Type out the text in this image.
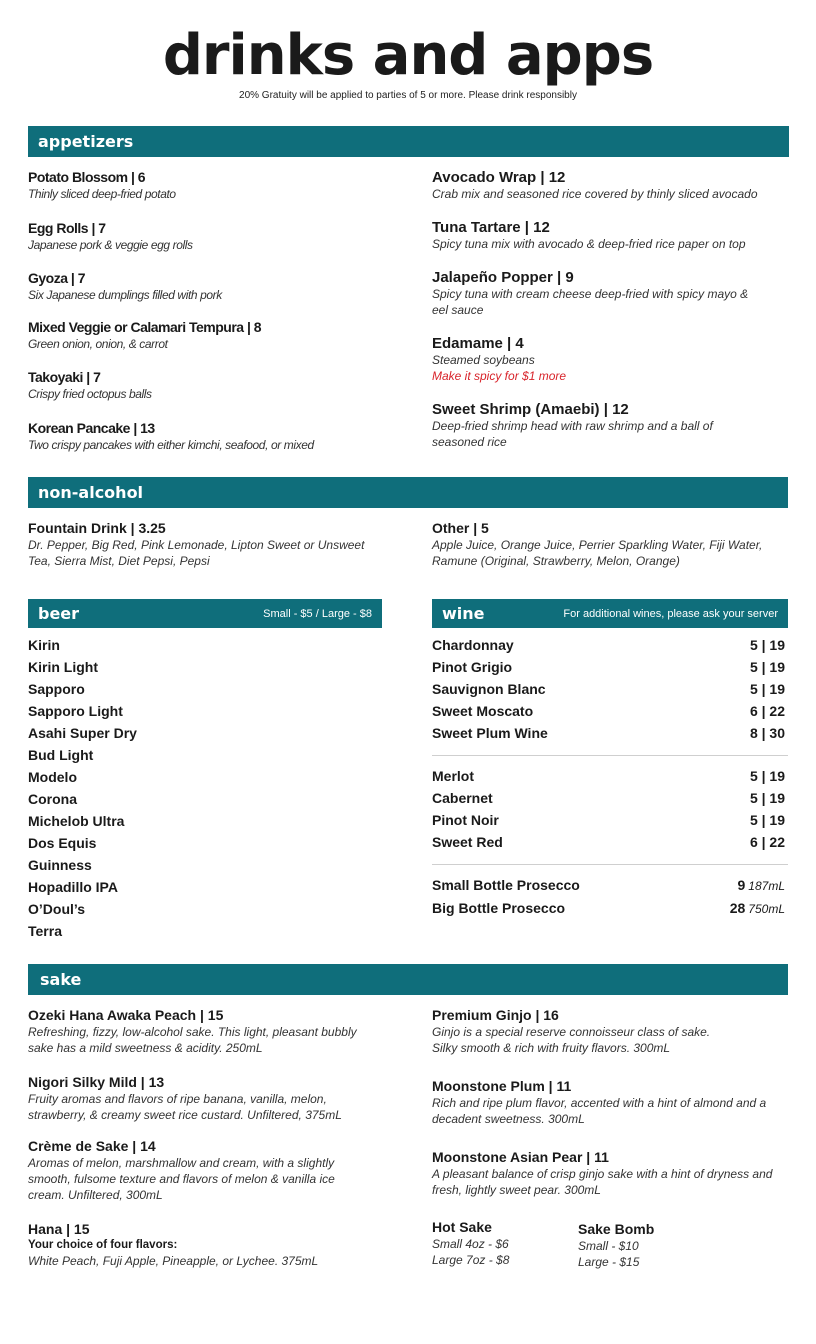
drinks and apps
20% Gratuity will be applied to parties of 5 or more. Please drink responsibly
appetizers
Potato Blossom | 6
Thinly sliced deep-fried potato
Egg Rolls | 7
Japanese pork & veggie egg rolls
Gyoza | 7
Six Japanese dumplings filled with pork
Mixed Veggie or Calamari Tempura | 8
Green onion, onion, & carrot
Takoyaki | 7
Crispy fried octopus balls
Korean Pancake | 13
Two crispy pancakes with either kimchi, seafood, or mixed
Avocado Wrap | 12
Crab mix and seasoned rice covered by thinly sliced avocado
Tuna Tartare | 12
Spicy tuna mix with avocado & deep-fried rice paper on top
Jalapeño Popper | 9
Spicy tuna with cream cheese deep-fried with spicy mayo & eel sauce
Edamame | 4
Steamed soybeans
Make it spicy for $1 more
Sweet Shrimp (Amaebi) | 12
Deep-fried shrimp head with raw shrimp and a ball of seasoned rice
non-alcohol
Fountain Drink | 3.25
Dr. Pepper, Big Red, Pink Lemonade, Lipton Sweet or Unsweet Tea, Sierra Mist, Diet Pepsi, Pepsi
Other | 5
Apple Juice, Orange Juice, Perrier Sparkling Water, Fiji Water, Ramune (Original, Strawberry, Melon, Orange)
beer	Small - $5 / Large - $8
Kirin
Kirin Light
Sapporo
Sapporo Light
Asahi Super Dry
Bud Light
Modelo
Corona
Michelob Ultra
Dos Equis
Guinness
Hopadillo IPA
O’Doul’s
Terra
wine	For additional wines, please ask your server
Chardonnay	5 | 19
Pinot Grigio	5 | 19
Sauvignon Blanc	5 | 19
Sweet Moscato	6 | 22
Sweet Plum Wine	8 | 30
Merlot	5 | 19
Cabernet	5 | 19
Pinot Noir	5 | 19
Sweet Red	6 | 22
Small Bottle Prosecco	9 187mL
Big Bottle Prosecco	28 750mL
sake
Ozeki Hana Awaka Peach | 15
Refreshing, fizzy, low-alcohol sake. This light, pleasant bubbly sake has a mild sweetness & acidity. 250mL
Nigori Silky Mild | 13
Fruity aromas and flavors of ripe banana, vanilla, melon, strawberry, & creamy sweet rice custard. Unfiltered, 375mL
Crème de Sake | 14
Aromas of melon, marshmallow and cream, with a slightly smooth, fulsome texture and flavors of melon & vanilla ice cream. Unfiltered, 300mL
Hana | 15
Your choice of four flavors:
White Peach, Fuji Apple, Pineapple, or Lychee. 375mL
Premium Ginjo | 16
Ginjo is a special reserve connoisseur class of sake. Silky smooth & rich with fruity flavors. 300mL
Moonstone Plum | 11
Rich and ripe plum flavor, accented with a hint of almond and a decadent sweetness. 300mL
Moonstone Asian Pear | 11
A pleasant balance of crisp ginjo sake with a hint of dryness and fresh, lightly sweet pear. 300mL
Hot Sake
Small 4oz - $6
Large 7oz - $8
Sake Bomb
Small - $10
Large - $15
